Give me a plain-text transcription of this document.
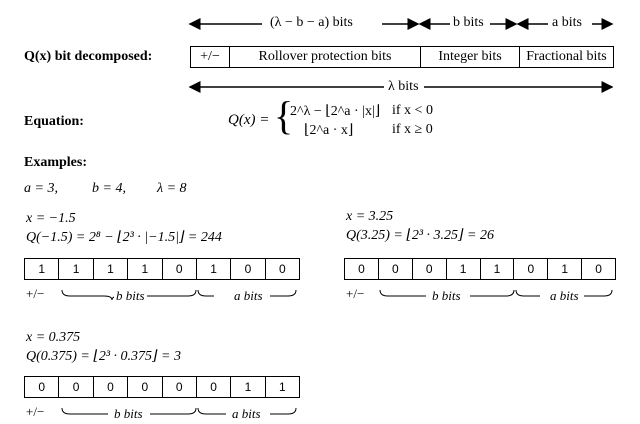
(λ − b − a) bits	b bits	a bits
Q(x) bit decomposed:	+/−	Rollover protection bits	Integer bits	Fractional bits
λ bits
Equation:	Q(x) = {
2^λ − ⌊2^a · |x|⌋ if x < 0
⌊2^a · x⌋	if x ≥ 0
Examples:
a = 3, b = 4, λ = 8
x = −1.5
Q(−1.5) = 2⁸ − ⌊2³ · |−1.5|⌋ = 244
1	1	1	1	0	1	0	0
+/−	b bits	a bits
x = 3.25
Q(3.25) = ⌊2³ · 3.25⌋ = 26
0	0	0	1	1	0	1	0
+/−	b bits	a bits
x = 0.375
Q(0.375) = ⌊2³ · 0.375⌋ = 3
0	0	0	0	0	0	1	1
+/−	b bits	a bits
